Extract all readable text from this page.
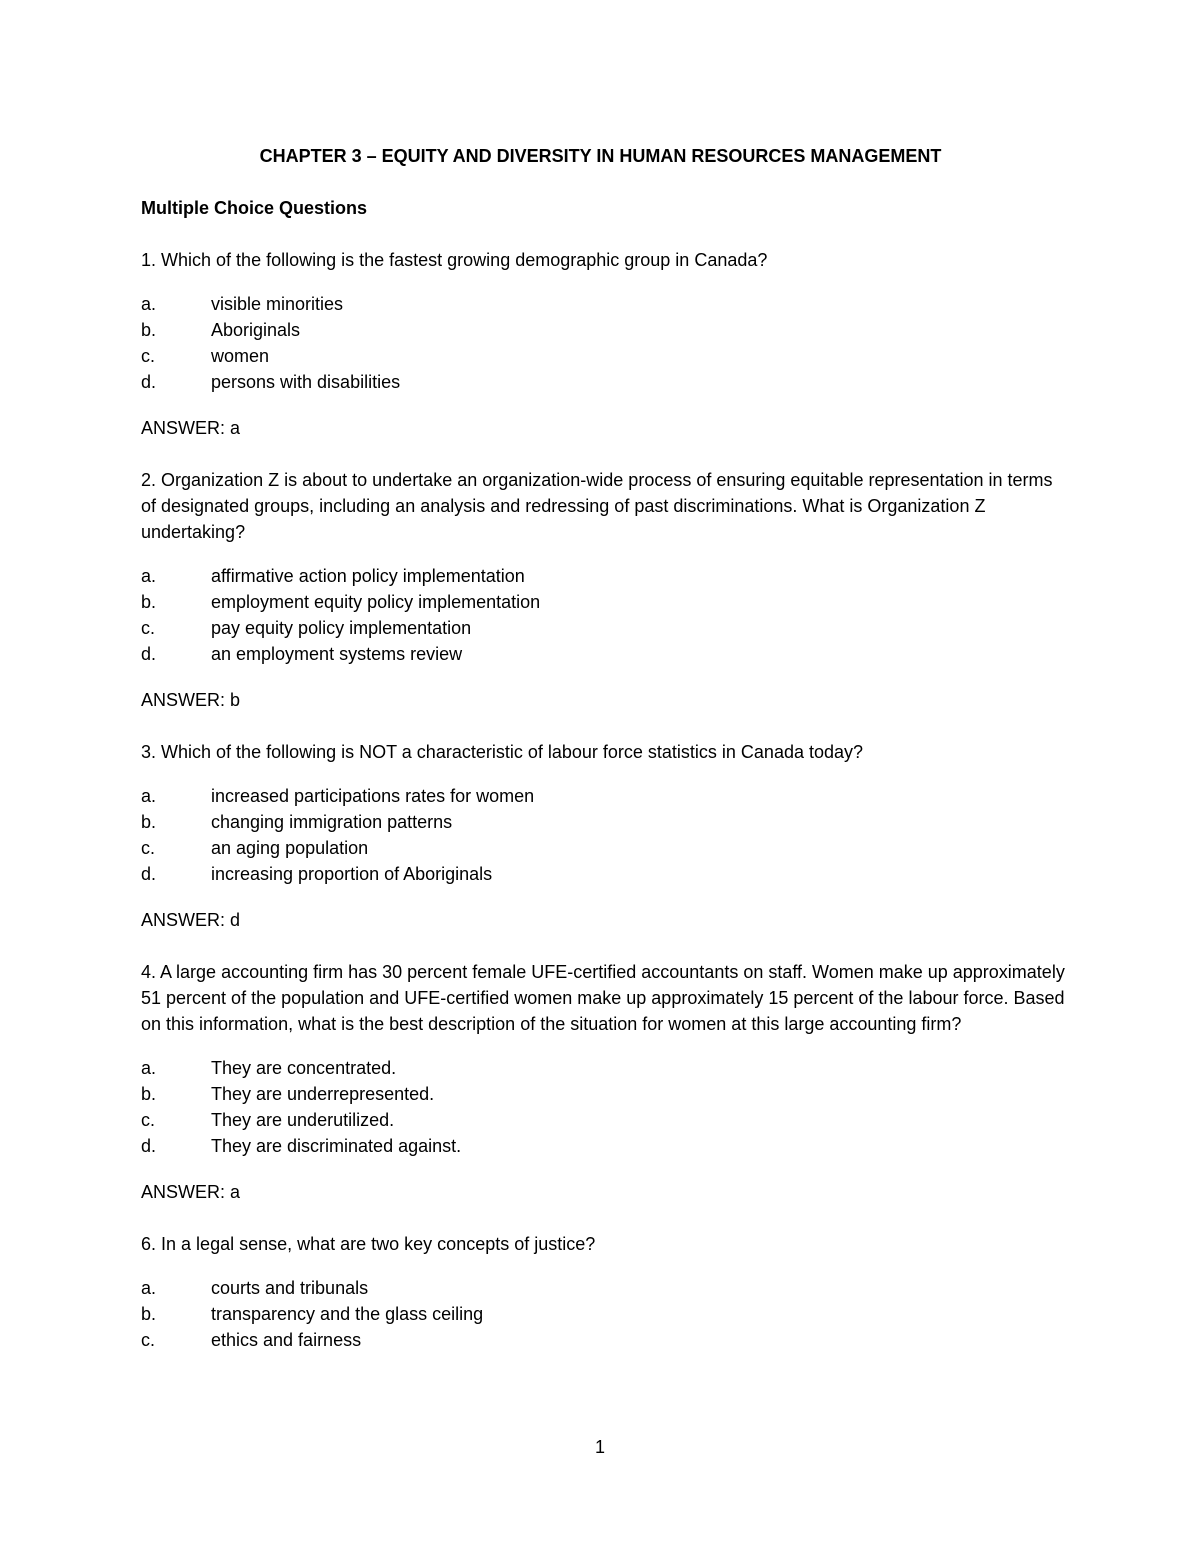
CHAPTER 3 – EQUITY AND DIVERSITY IN HUMAN RESOURCES MANAGEMENT

Multiple Choice Questions

1. Which of the following is the fastest growing demographic group in Canada?

a.	visible minorities
b.	Aboriginals
c.	women
d.	persons with disabilities

ANSWER: a

2. Organization Z is about to undertake an organization-wide process of ensuring equitable representation in terms of designated groups, including an analysis and redressing of past discriminations. What is Organization Z undertaking?

a.	affirmative action policy implementation
b.	employment equity policy implementation
c.	pay equity policy implementation
d.	an employment systems review

ANSWER: b

3. Which of the following is NOT a characteristic of labour force statistics in Canada today?

a.	increased participations rates for women
b.	changing immigration patterns
c.	an aging population
d.	increasing proportion of Aboriginals

ANSWER: d

4. A large accounting firm has 30 percent female UFE-certified accountants on staff. Women make up approximately 51 percent of the population and UFE-certified women make up approximately 15 percent of the labour force. Based on this information, what is the best description of the situation for women at this large accounting firm?

a.	They are concentrated.
b.	They are underrepresented.
c.	They are underutilized.
d.	They are discriminated against.

ANSWER: a

6. In a legal sense, what are two key concepts of justice?

a.	courts and tribunals
b.	transparency and the glass ceiling
c.	ethics and fairness
1
